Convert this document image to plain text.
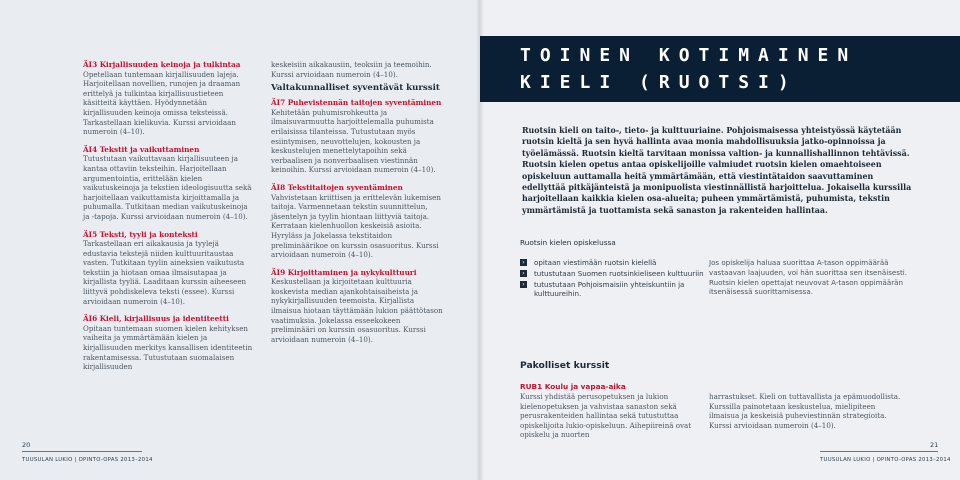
ÄI3 Kirjallisuuden keinoja ja tulkintaa
Opetellaan tuntemaan kirjallisuuden lajeja. Harjoitellaan novellien, runojen ja draaman erittelyä ja tulkintaa kirjallisuustieteen käsitteitä käyttäen. Hyödynnetään kirjallisuuden keinoja omissa teksteissä. Tarkastellaan kielikuvia. Kurssi arvioidaan numeroin (4–10).
ÄI4 Tekstit ja vaikuttaminen
Tutustutaan vaikuttavaan kirjallisuuteen ja kantaa ottaviin teksteihin. Harjoitellaan argumentointia, erittelään kielen vaikutuskeinoja ja tekstien ideologisuutta sekä harjoitellaan vaikuttamista kirjoittamalla ja puhumalla. Tutkitaan median vaikutuskeinoja ja -tapoja. Kurssi arvioidaan numeroin (4–10).
ÄI5 Teksti, tyyli ja konteksti
Tarkastellaan eri aikakausia ja tyylejä edustavia tekstejä niiden kulttuuritaustaa vasten. Tutkitaan tyylin aineksien vaikutusta tekstiin ja hiotaan omaa ilmaisutapaa ja kirjallista tyyliä. Laaditaan kurssin aiheeseen liittyvä pohdiskeleva teksti (essee). Kurssi arvioidaan numeroin (4–10).
ÄI6 Kieli, kirjallisuus ja identiteetti
Opitaan tuntemaan suomen kielen kehityksen vaiheita ja ymmärtämään kielen ja kirjallisuuden merkitys kansallisen identiteetin rakentamisessa. Tutustutaan suomalaisen kirjallisuuden
keskeisiin aikakausiin, teoksiin ja teemoihin. Kurssi arvioidaan numeroin (4–10).
Valtakunnalliset syventävät kurssit
ÄI7 Puhevistennän taitojen syventäminen
Kehitetään puhumisrohkeutta ja ilmaisuvarmuutta harjoittelemalla puhumista erilaisissa tilanteissa. Tutustutaan myös esiintymisen, neuvottelujen, kokousten ja keskustelujen menettelytapoihin sekä verbaalisen ja nonverbaalisen viestinnän keinoihin. Kurssi arvioidaan numeroin (4–10).
ÄI8 Tekstitaitojen syventäminen
Vahvistetaan kriittisen ja erittelevän lukemisen taitoja. Varmennetaan tekstin suunnittelun, jäsentelyn ja tyylin hiontaan liittyviä taitoja. Kerrataan kielenhuollon keskeisiä asioita. Hyryläss ja Jokelassa tekstitaidon preliminäärikoe on kurssin osasuoritus. Kurssi arvioidaan numeroin (4–10).
ÄI9 Kirjoittaminen ja nykykulttuuri
Keskustellaan ja kirjoitetaan kulttuuria koskevista median ajankohtaisaiheista ja nykykirjallisuuden teemoista. Kirjallista ilmaisua hiotaan täyttämään lukion päättötason vaatimuksia. Jokelassa esseekokeen preliminääri on kurssin osasuoritus. Kurssi arvioidaan numeroin (4–10).
20
TUUSULAN LUKIO | OPINTO-OPAS 2013–2014
TOINEN KOTIMAINEN
KIELI (RUOTSI)
Ruotsin kieli on taito-, tieto- ja kulttuuriaine. Pohjoismaisessa yhteistyössä käytetään ruotsin kieltä ja sen hyvä hallinta avaa monia mahdollisuuksia jatko-opinnoissa ja työelämässä. Ruotsin kieltä tarvitaan monissa valtion- ja kunnallishallinnon tehtävissä. Ruotsin kielen opetus antaa opiskelijoille valmiudet ruotsin kielen omaehtoiseen opiskeluun auttamalla heitä ymmärtämään, että viestintätaidon saavuttaminen edellyttää pitkäjänteistä ja monipuolista viestinnällistä harjoittelua. Jokaisella kurssilla harjoitellaan kaikkia kielen osa-alueita; puheen ymmärtämistä, puhumista, tekstin ymmärtämistä ja tuottamista sekä sanaston ja rakenteiden hallintaa.
Ruotsin kielen opiskelussa
›	opitaan viestimään ruotsin kielellä
›	tutustutaan Suomen ruotsinkieliseen kulttuuriin
›	tutustutaan Pohjoismaisiin yhteiskuntiin ja kulttuureihin.
Jos opiskelija haluaa suorittaa A-tason oppimäärää vastaavan laajuuden, voi hän suorittaa sen itsenäisesti. Ruotsin kielen opettajat neuvovat A-tason oppimäärän itsenäisessä suorittamisessa.
Pakolliset kurssit
RUB1 Koulu ja vapaa-aika
Kurssi yhdistää perusopetuksen ja lukion kielenopetuksen ja vahvistaa sanaston sekä perusrakenteiden hallintaa sekä tutustuttaa opiskelijoita lukio-opiskeluun. Aihepiireinä ovat opiskelu ja nuorten
harrastukset. Kieli on tuttavallista ja epämuodollista. Kurssilla painotetaan keskustelua, mielipiteen ilmaisua ja keskeisiä puheviestinnän strategioita. Kurssi arvioidaan numeroin (4–10).
21
TUUSULAN LUKIO | OPINTO-OPAS 2013–2014
